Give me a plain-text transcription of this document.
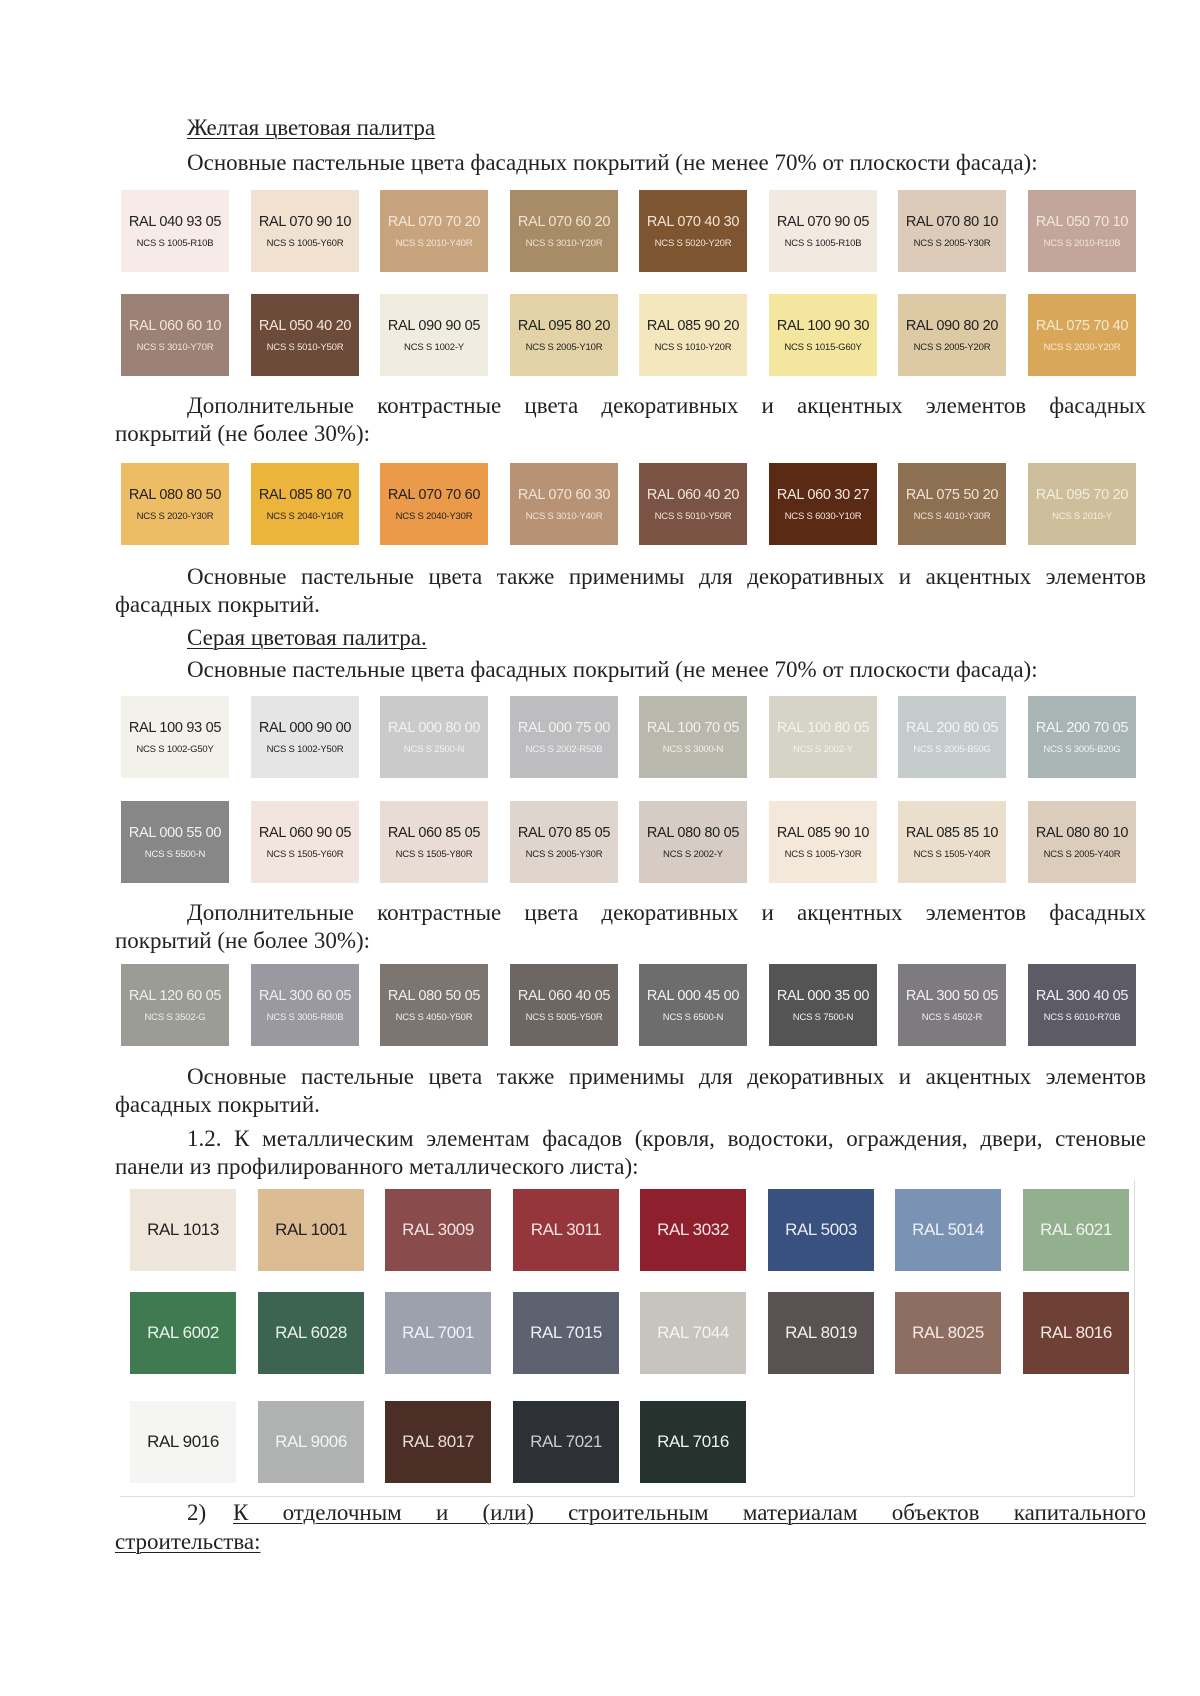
Желтая цветовая палитра
Основные пастельные цвета фасадных покрытий (не менее 70% от плоскости фасада):
RAL 040 93 05
NCS S 1005-R10B
RAL 070 90 10
NCS S 1005-Y60R
RAL 070 70 20
NCS S 2010-Y40R
RAL 070 60 20
NCS S 3010-Y20R
RAL 070 40 30
NCS S 5020-Y20R
RAL 070 90 05
NCS S 1005-R10B
RAL 070 80 10
NCS S 2005-Y30R
RAL 050 70 10
NCS S 2010-R10B
RAL 060 60 10
NCS S 3010-Y70R
RAL 050 40 20
NCS S 5010-Y50R
RAL 090 90 05
NCS S 1002-Y
RAL 095 80 20
NCS S 2005-Y10R
RAL 085 90 20
NCS S 1010-Y20R
RAL 100 90 30
NCS S 1015-G60Y
RAL 090 80 20
NCS S 2005-Y20R
RAL 075 70 40
NCS S 2030-Y20R
Дополнительные контрастные цвета декоративных и акцентных элементов фасадных
покрытий (не более 30%):
RAL 080 80 50
NCS S 2020-Y30R
RAL 085 80 70
NCS S 2040-Y10R
RAL 070 70 60
NCS S 2040-Y30R
RAL 070 60 30
NCS S 3010-Y40R
RAL 060 40 20
NCS S 5010-Y50R
RAL 060 30 27
NCS S 6030-Y10R
RAL 075 50 20
NCS S 4010-Y30R
RAL 095 70 20
NCS S 2010-Y
Основные пастельные цвета также применимы для декоративных и акцентных элементов
фасадных покрытий.
Серая цветовая палитра.
Основные пастельные цвета фасадных покрытий (не менее 70% от плоскости фасада):
RAL 100 93 05
NCS S 1002-G50Y
RAL 000 90 00
NCS S 1002-Y50R
RAL 000 80 00
NCS S 2500-N
RAL 000 75 00
NCS S 2002-R50B
RAL 100 70 05
NCS S 3000-N
RAL 100 80 05
NCS S 2002-Y
RAL 200 80 05
NCS S 2005-B50G
RAL 200 70 05
NCS S 3005-B20G
RAL 000 55 00
NCS S 5500-N
RAL 060 90 05
NCS S 1505-Y60R
RAL 060 85 05
NCS S 1505-Y80R
RAL 070 85 05
NCS S 2005-Y30R
RAL 080 80 05
NCS S 2002-Y
RAL 085 90 10
NCS S 1005-Y30R
RAL 085 85 10
NCS S 1505-Y40R
RAL 080 80 10
NCS S 2005-Y40R
Дополнительные контрастные цвета декоративных и акцентных элементов фасадных
покрытий (не более 30%):
RAL 120 60 05
NCS S 3502-G
RAL 300 60 05
NCS S 3005-R80B
RAL 080 50 05
NCS S 4050-Y50R
RAL 060 40 05
NCS S 5005-Y50R
RAL 000 45 00
NCS S 6500-N
RAL 000 35 00
NCS S 7500-N
RAL 300 50 05
NCS S 4502-R
RAL 300 40 05
NCS S 6010-R70B
Основные пастельные цвета также применимы для декоративных и акцентных элементов
фасадных покрытий.
1.2. К металлическим элементам фасадов (кровля, водостоки, ограждения, двери, стеновые
панели из профилированного металлического листа):
RAL 1013	RAL 1001	RAL 3009	RAL 3011	RAL 3032	RAL 5003	RAL 5014	RAL 6021
RAL 6002	RAL 6028	RAL 7001	RAL 7015	RAL 7044	RAL 8019	RAL 8025	RAL 8016
RAL 9016	RAL 9006	RAL 8017	RAL 7021	RAL 7016
2) К отделочным и (или) строительным материалам объектов капитального
строительства:
